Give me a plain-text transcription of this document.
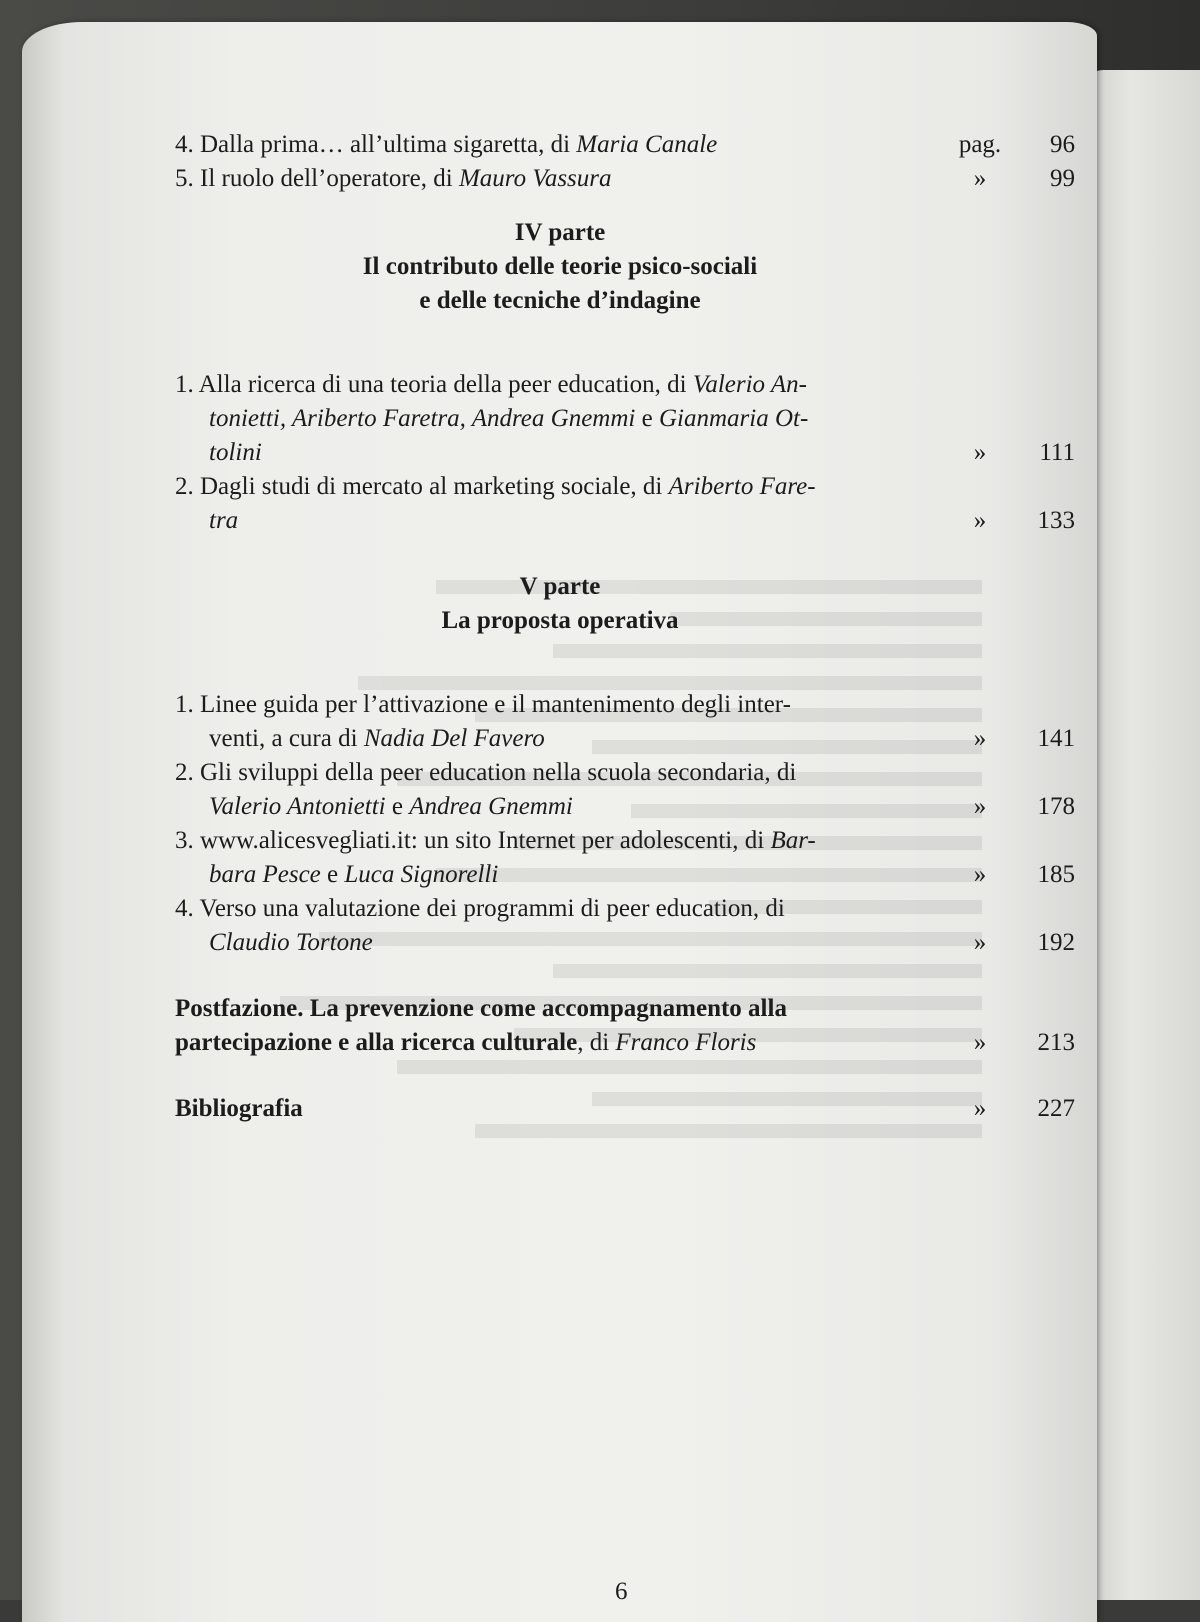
4. Dalla prima… all’ultima sigaretta, di Maria Canale	pag.	96
5. Il ruolo dell’operatore, di Mauro Vassura	»	99
IV parte
Il contributo delle teorie psico-sociali
e delle tecniche d’indagine
1. Alla ricerca di una teoria della peer education, di Valerio An-
tonietti, Ariberto Faretra, Andrea Gnemmi e Gianmaria Ot-
tolini	»	111
2. Dagli studi di mercato al marketing sociale, di Ariberto Fare-
tra	»	133
V parte
La proposta operativa
1. Linee guida per l’attivazione e il mantenimento degli inter-
venti, a cura di Nadia Del Favero	»	141
2. Gli sviluppi della peer education nella scuola secondaria, di
Valerio Antonietti e Andrea Gnemmi	»	178
3. www.alicesvegliati.it: un sito Internet per adolescenti, di Bar-
bara Pesce e Luca Signorelli	»	185
4. Verso una valutazione dei programmi di peer education, di
Claudio Tortone	»	192
Postfazione. La prevenzione come accompagnamento alla
partecipazione e alla ricerca culturale, di Franco Floris	»	213
Bibliografia	»	227
6
